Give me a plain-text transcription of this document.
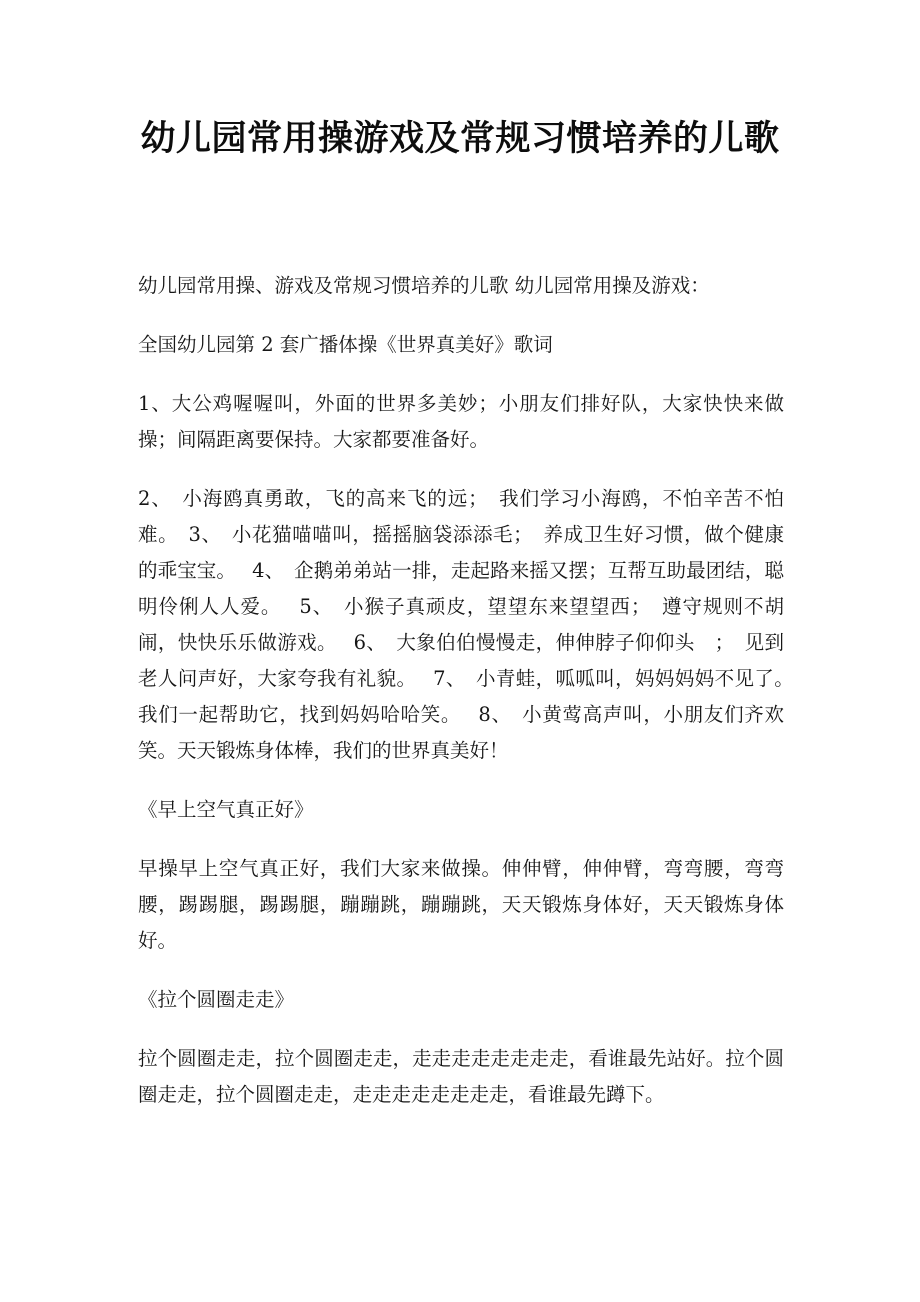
幼儿园常用操游戏及常规习惯培养的儿歌

幼儿园常用操、游戏及常规习惯培养的儿歌 幼儿园常用操及游戏：

全国幼儿园第 2 套广播体操《世界真美好》歌词

1、大公鸡喔喔叫，外面的世界多美妙；小朋友们排好队，大家快快来做操；间隔距离要保持。大家都要准备好。

2、　小海鸥真勇敢，飞的高来飞的远；　我们学习小海鸥，不怕辛苦不怕难。　3、　小花猫喵喵叫，摇摇脑袋添添毛；　养成卫生好习惯，做个健康的乖宝宝。　 4、　企鹅弟弟站一排，走起路来摇又摆；互帮互助最团结，聪明伶俐人人爱。　 5、　小猴子真顽皮，望望东来望望西；　遵守规则不胡闹，快快乐乐做游戏。　 6、　大象伯伯慢慢走，伸伸脖子仰仰头　；　见到老人问声好，大家夸我有礼貌。　 7、　小青蛙，呱呱叫，妈妈妈妈不见了。　我们一起帮助它，找到妈妈哈哈笑。　 8、　小黄莺高声叫，小朋友们齐欢笑。天天锻炼身体棒，我们的世界真美好！

《早上空气真正好》

早操早上空气真正好，我们大家来做操。伸伸臂，伸伸臂，弯弯腰，弯弯腰，踢踢腿，踢踢腿，蹦蹦跳，蹦蹦跳，天天锻炼身体好，天天锻炼身体好。

《拉个圆圈走走》

拉个圆圈走走，拉个圆圈走走，走走走走走走走走，看谁最先站好。拉个圆圈走走，拉个圆圈走走，走走走走走走走走，看谁最先蹲下。
